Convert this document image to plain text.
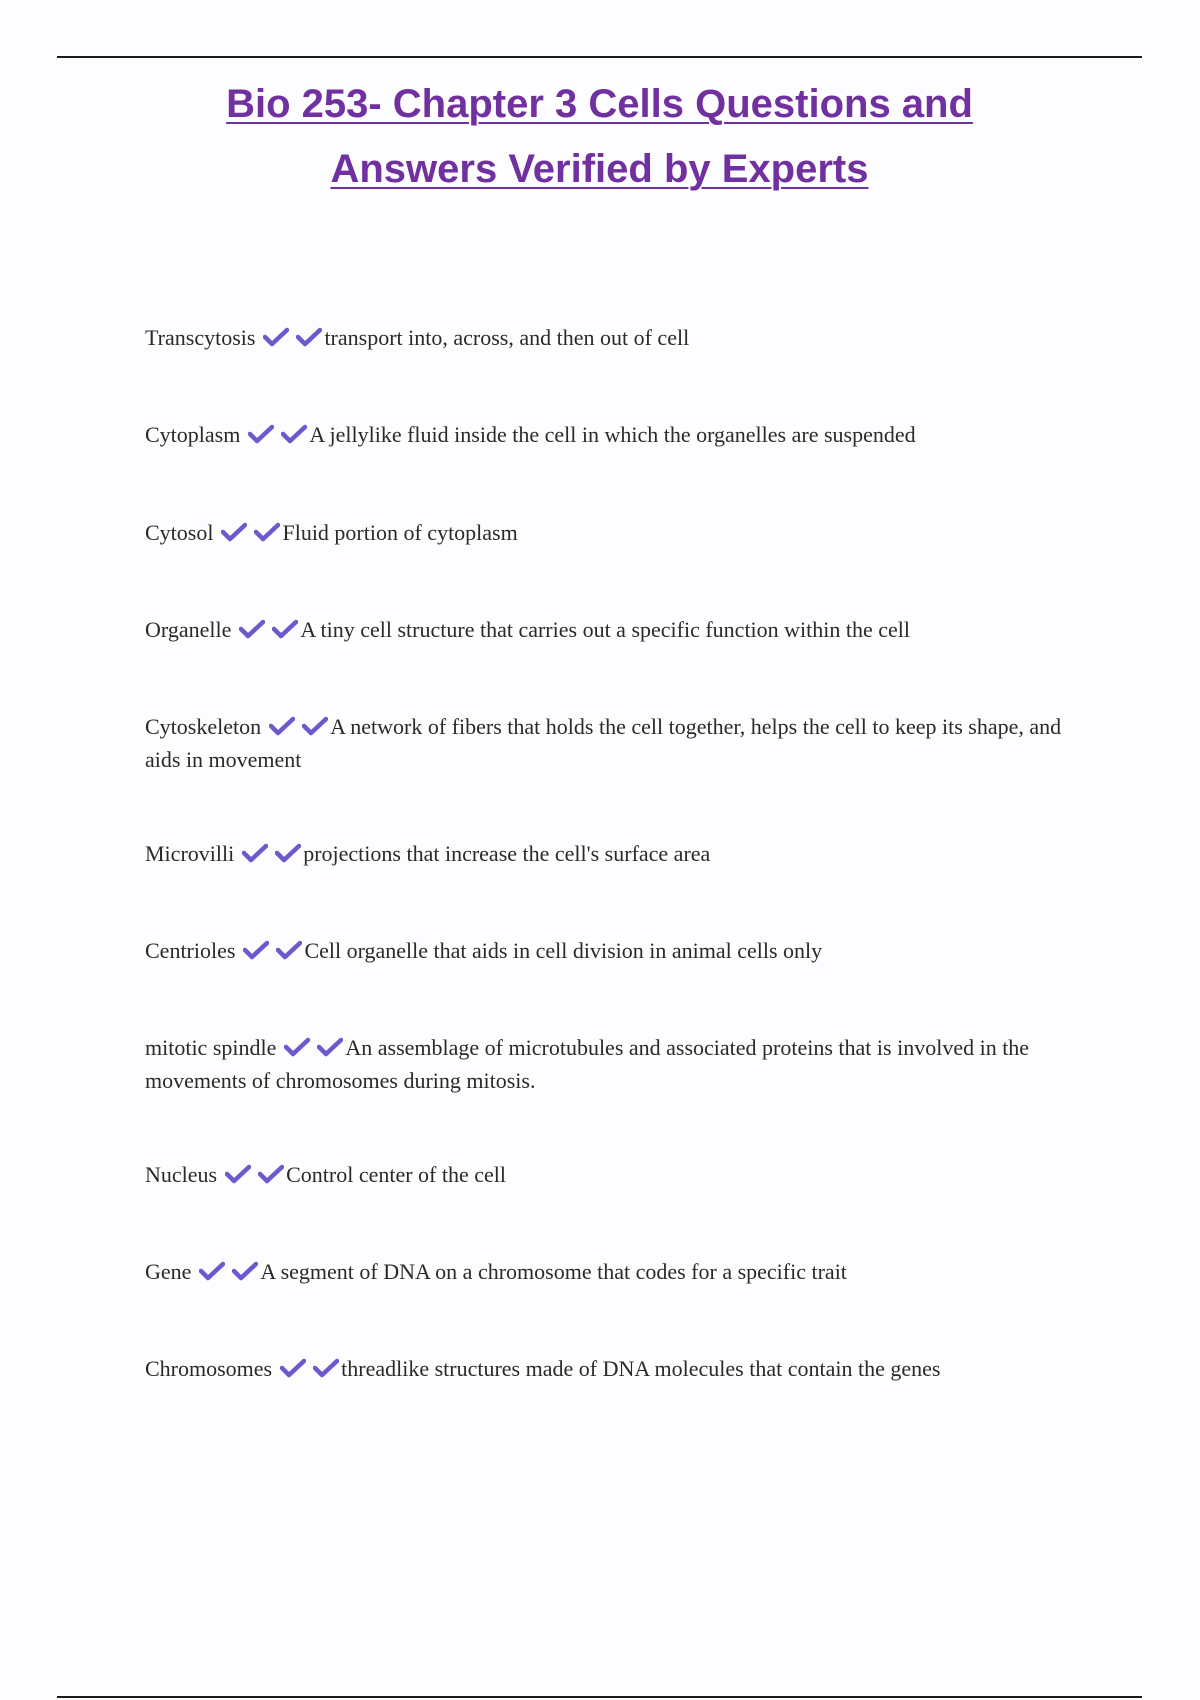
Bio 253- Chapter 3 Cells Questions and
Answers Verified by Experts
Transcytosis	transport into, across, and then out of cell
Cytoplasm	A jellylike fluid inside the cell in which the organelles are suspended
Cytosol	Fluid portion of cytoplasm
Organelle	A tiny cell structure that carries out a specific function within the cell
Cytoskeleton	A network of fibers that holds the cell together, helps the cell to keep its shape, and aids in movement
Microvilli	projections that increase the cell's surface area
Centrioles	Cell organelle that aids in cell division in animal cells only
mitotic spindle	An assemblage of microtubules and associated proteins that is involved in the movements of chromosomes during mitosis.
Nucleus	Control center of the cell
Gene	A segment of DNA on a chromosome that codes for a specific trait
Chromosomes	threadlike structures made of DNA molecules that contain the genes
